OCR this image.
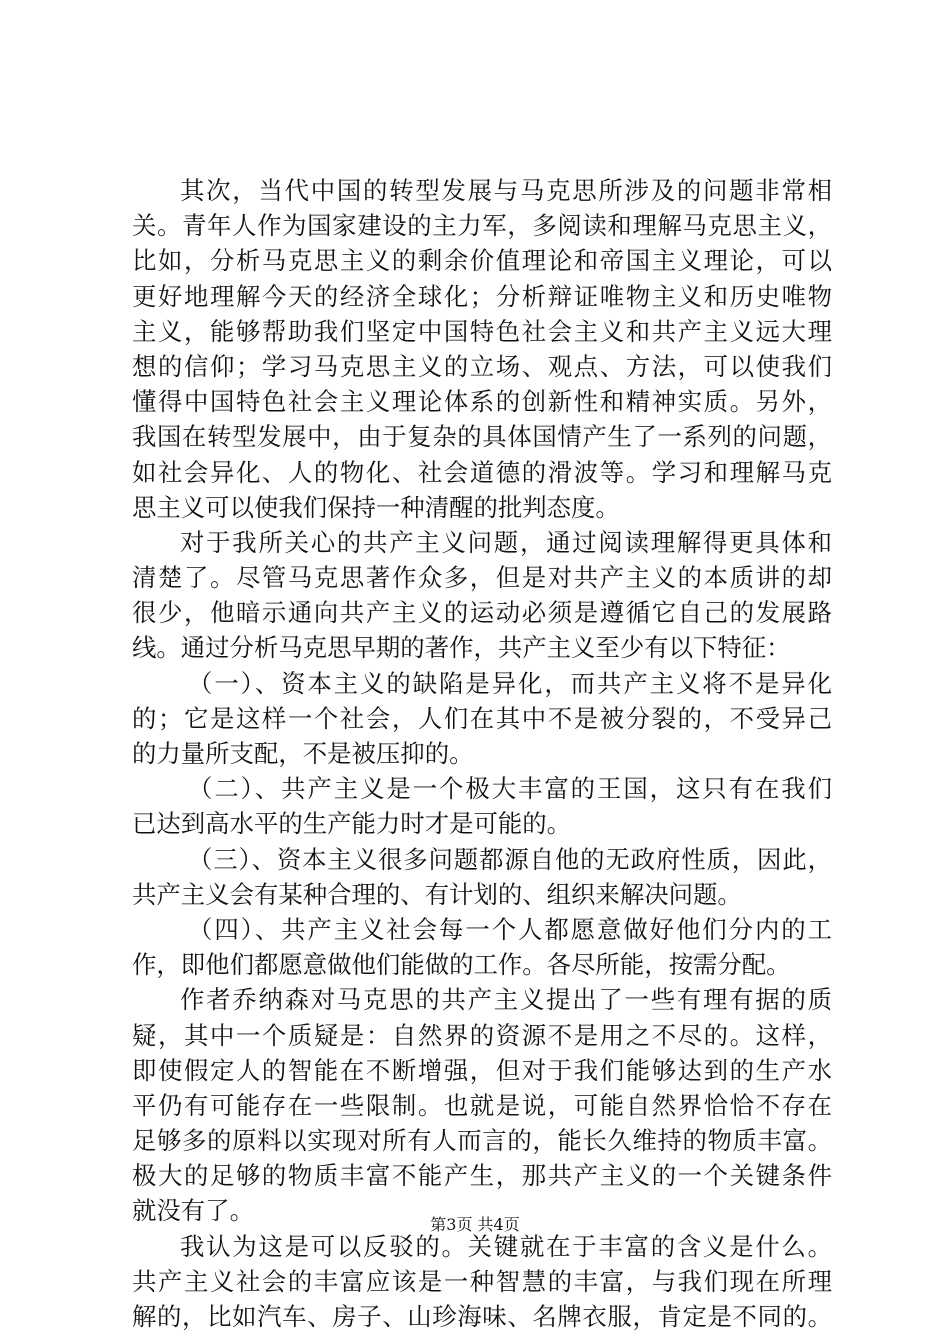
其次，当代中国的转型发展与马克思所涉及的问题非常相
关。青年人作为国家建设的主力军，多阅读和理解马克思主义，
比如，分析马克思主义的剩余价值理论和帝国主义理论，可以
更好地理解今天的经济全球化；分析辩证唯物主义和历史唯物
主义，能够帮助我们坚定中国特色社会主义和共产主义远大理
想的信仰；学习马克思主义的立场、观点、方法，可以使我们
懂得中国特色社会主义理论体系的创新性和精神实质。另外，
我国在转型发展中，由于复杂的具体国情产生了一系列的问题，
如社会异化、人的物化、社会道德的滑波等。学习和理解马克
思主义可以使我们保持一种清醒的批判态度。
对于我所关心的共产主义问题，通过阅读理解得更具体和
清楚了。尽管马克思著作众多，但是对共产主义的本质讲的却
很少，他暗示通向共产主义的运动必须是遵循它自己的发展路
线。通过分析马克思早期的著作，共产主义至少有以下特征：
（一）、资本主义的缺陷是异化，而共产主义将不是异化
的；它是这样一个社会，人们在其中不是被分裂的，不受异己
的力量所支配，不是被压抑的。
（二）、共产主义是一个极大丰富的王国，这只有在我们
已达到高水平的生产能力时才是可能的。
（三）、资本主义很多问题都源自他的无政府性质，因此，
共产主义会有某种合理的、有计划的、组织来解决问题。
（四）、共产主义社会每一个人都愿意做好他们分内的工
作，即他们都愿意做他们能做的工作。各尽所能，按需分配。
作者乔纳森对马克思的共产主义提出了一些有理有据的质
疑，其中一个质疑是：自然界的资源不是用之不尽的。这样，
即使假定人的智能在不断增强，但对于我们能够达到的生产水
平仍有可能存在一些限制。也就是说，可能自然界恰恰不存在
足够多的原料以实现对所有人而言的，能长久维持的物质丰富。
极大的足够的物质丰富不能产生，那共产主义的一个关键条件
就没有了。
我认为这是可以反驳的。关键就在于丰富的含义是什么。
共产主义社会的丰富应该是一种智慧的丰富，与我们现在所理
解的，比如汽车、房子、山珍海味、名牌衣服，肯定是不同的。
第3页 共4页
